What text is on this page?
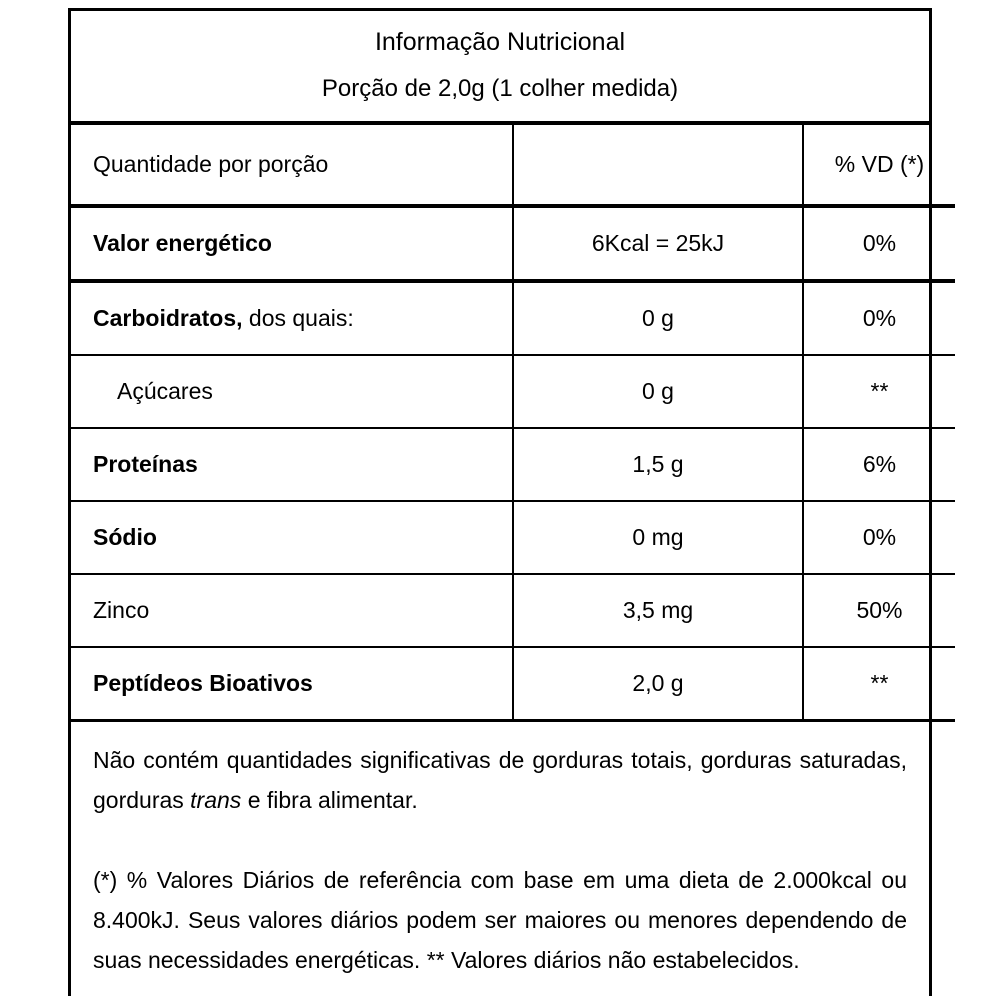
Informação Nutricional
Porção de 2,0g (1 colher medida)
Quantidade por porção		% VD (*)
Valor energético	6Kcal = 25kJ	0%
Carboidratos, dos quais:	0 g	0%
Açúcares	0 g	**
Proteínas	1,5 g	6%
Sódio	0 mg	0%
Zinco	3,5 mg	50%
Peptídeos Bioativos	2,0 g	**

Não contém quantidades significativas de gorduras totais, gorduras saturadas, gorduras trans e fibra alimentar.

(*) % Valores Diários de referência com base em uma dieta de 2.000kcal ou 8.400kJ. Seus valores diários podem ser maiores ou menores dependendo de suas necessidades energéticas. ** Valores diários não estabelecidos.
